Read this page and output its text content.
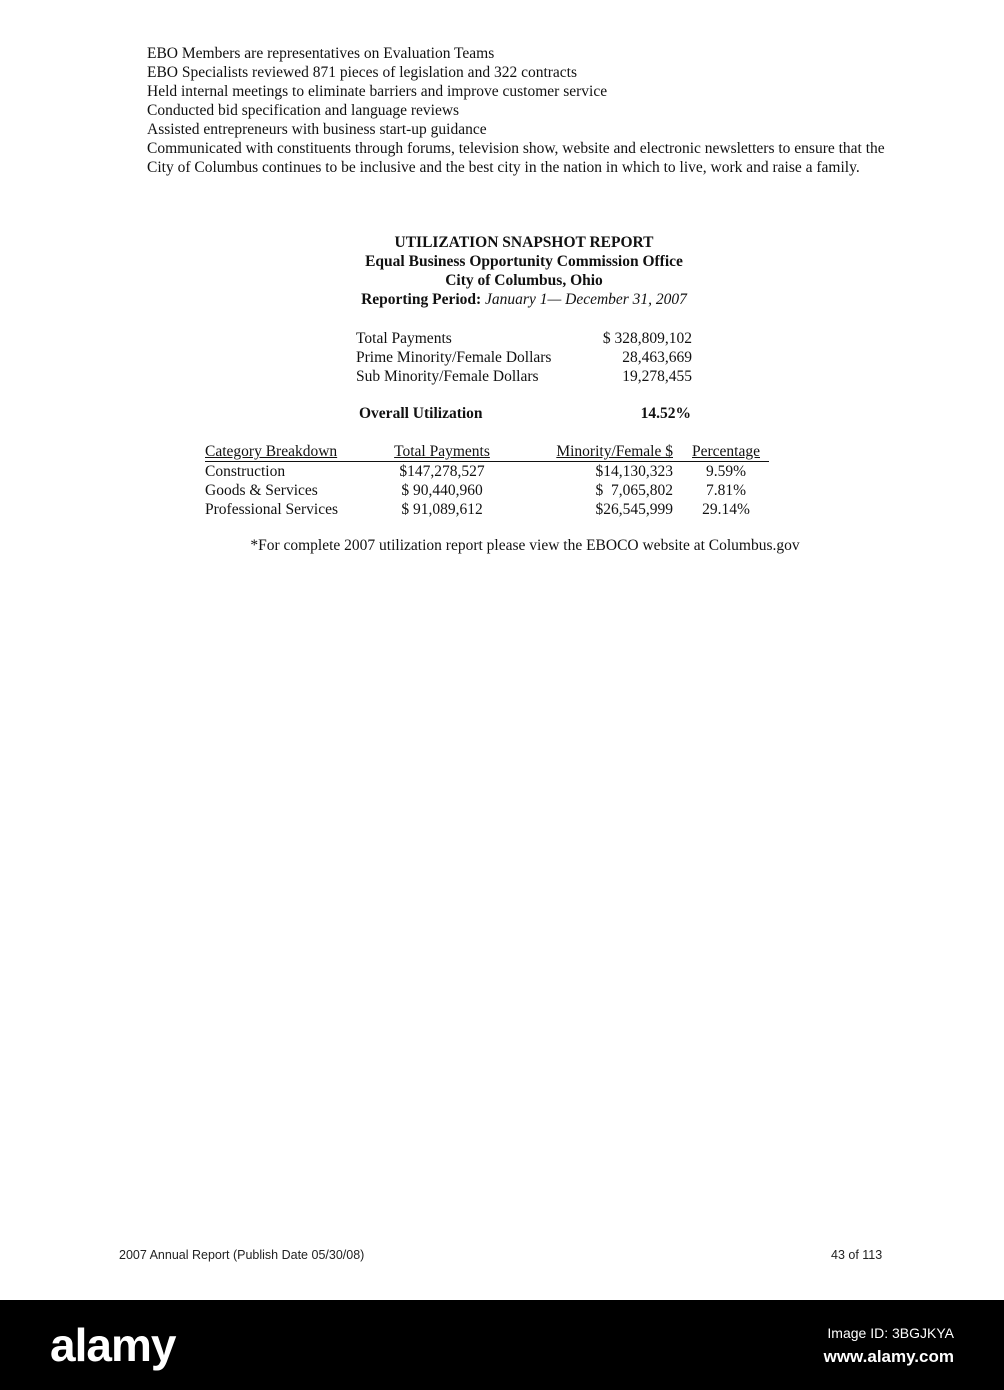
EBO Members are representatives on Evaluation Teams
EBO Specialists reviewed 871 pieces of legislation and 322 contracts
Held internal meetings to eliminate barriers and improve customer service
Conducted bid specification and language reviews
Assisted entrepreneurs with business start-up guidance
Communicated with constituents through forums, television show, website and electronic newsletters to ensure that the City of Columbus continues to be inclusive and the best city in the nation in which to live, work and raise a family.
UTILIZATION SNAPSHOT REPORT
Equal Business Opportunity Commission Office
City of Columbus, Ohio
Reporting Period: January 1— December 31, 2007
Total Payments	$ 328,809,102
Prime Minority/Female Dollars	28,463,669
Sub Minority/Female Dollars	19,278,455
Overall Utilization	14.52%
Category Breakdown	Total Payments	Minority/Female $	Percentage
Construction	$147,278,527	$14,130,323	9.59%
Goods & Services	$ 90,440,960	$  7,065,802	7.81%
Professional Services	$ 91,089,612	$26,545,999	29.14%
*For complete 2007 utilization report please view the EBOCO website at Columbus.gov
2007 Annual Report (Publish Date 05/30/08)	43 of 113
alamy	Image ID: 3BGJKYA
www.alamy.com
